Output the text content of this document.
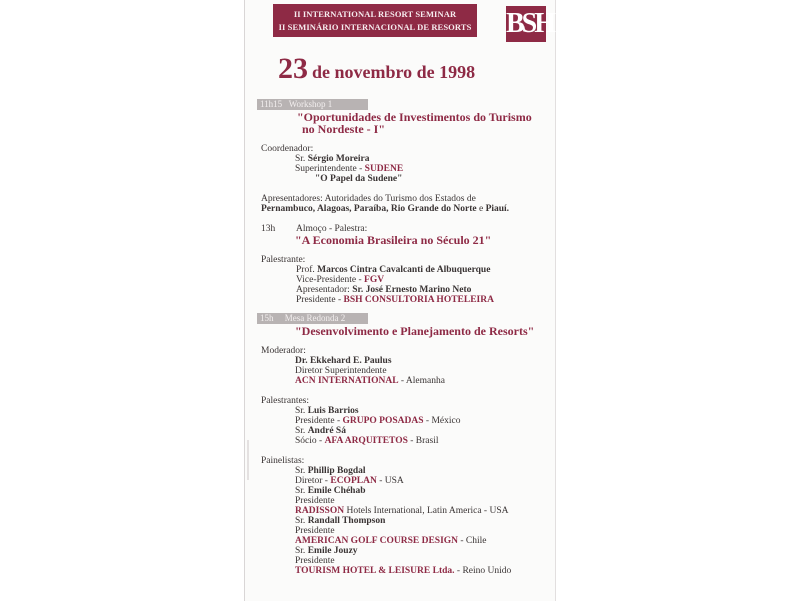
II INTERNATIONAL RESORT SEMINAR
II SEMINÁRIO INTERNACIONAL DE RESORTS BSH
23 de novembro de 1998
11h15 Workshop 1
"Oportunidades de Investimentos do Turismo
no Nordeste - I"
Coordenador:
Sr. Sérgio Moreira
Superintendente - SUDENE
"O Papel da Sudene"
Apresentadores: Autoridades do Turismo dos Estados de
Pernambuco, Alagoas, Paraíba, Rio Grande do Norte e Piauí.
13h Almoço - Palestra:
"A Economia Brasileira no Século 21"
Palestrante:
Prof. Marcos Cintra Cavalcanti de Albuquerque
Vice-Presidente - FGV
Apresentador: Sr. José Ernesto Marino Neto
Presidente - BSH CONSULTORIA HOTELEIRA
15h Mesa Redonda 2
"Desenvolvimento e Planejamento de Resorts"
Moderador:
Dr. Ekkehard E. Paulus
Diretor Superintendente
ACN INTERNATIONAL - Alemanha
Palestrantes:
Sr. Luis Barrios
Presidente - GRUPO POSADAS - México
Sr. André Sá
Sócio - AFA ARQUITETOS - Brasil
Painelistas:
Sr. Phillip Bogdal
Diretor - ECOPLAN - USA
Sr. Emile Chéhab
Presidente
RADISSON Hotels International, Latin America - USA
Sr. Randall Thompson
Presidente
AMERICAN GOLF COURSE DESIGN - Chile
Sr. Emile Jouzy
Presidente
TOURISM HOTEL & LEISURE Ltda. - Reino Unido
